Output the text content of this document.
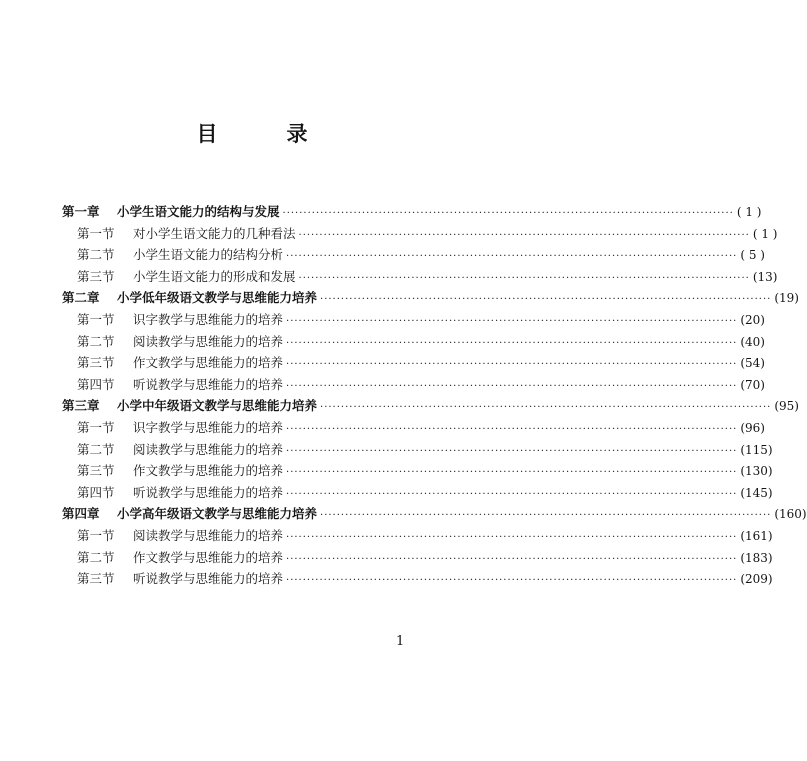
目　录
第一章	小学生语文能力的结构与发展 ·····	( 1 )
第一节	对小学生语文能力的几种看法 ·····	( 1 )
第二节	小学生语文能力的结构分析 ·····	( 5 )
第三节	小学生语文能力的形成和发展 ·····	(13)
第二章	小学低年级语文教学与思维能力培养 ·····	(19)
第一节	识字教学与思维能力的培养 ·····	(20)
第二节	阅读教学与思维能力的培养 ·····	(40)
第三节	作文教学与思维能力的培养 ·····	(54)
第四节	听说教学与思维能力的培养 ·····	(70)
第三章	小学中年级语文教学与思维能力培养 ·····	(95)
第一节	识字教学与思维能力的培养 ·····	(96)
第二节	阅读教学与思维能力的培养 ·····	(115)
第三节	作文教学与思维能力的培养 ·····	(130)
第四节	听说教学与思维能力的培养 ·····	(145)
第四章	小学高年级语文教学与思维能力培养 ·····	(160)
第一节	阅读教学与思维能力的培养 ·····	(161)
第二节	作文教学与思维能力的培养 ·····	(183)
第三节	听说教学与思维能力的培养 ·····	(209)
1
